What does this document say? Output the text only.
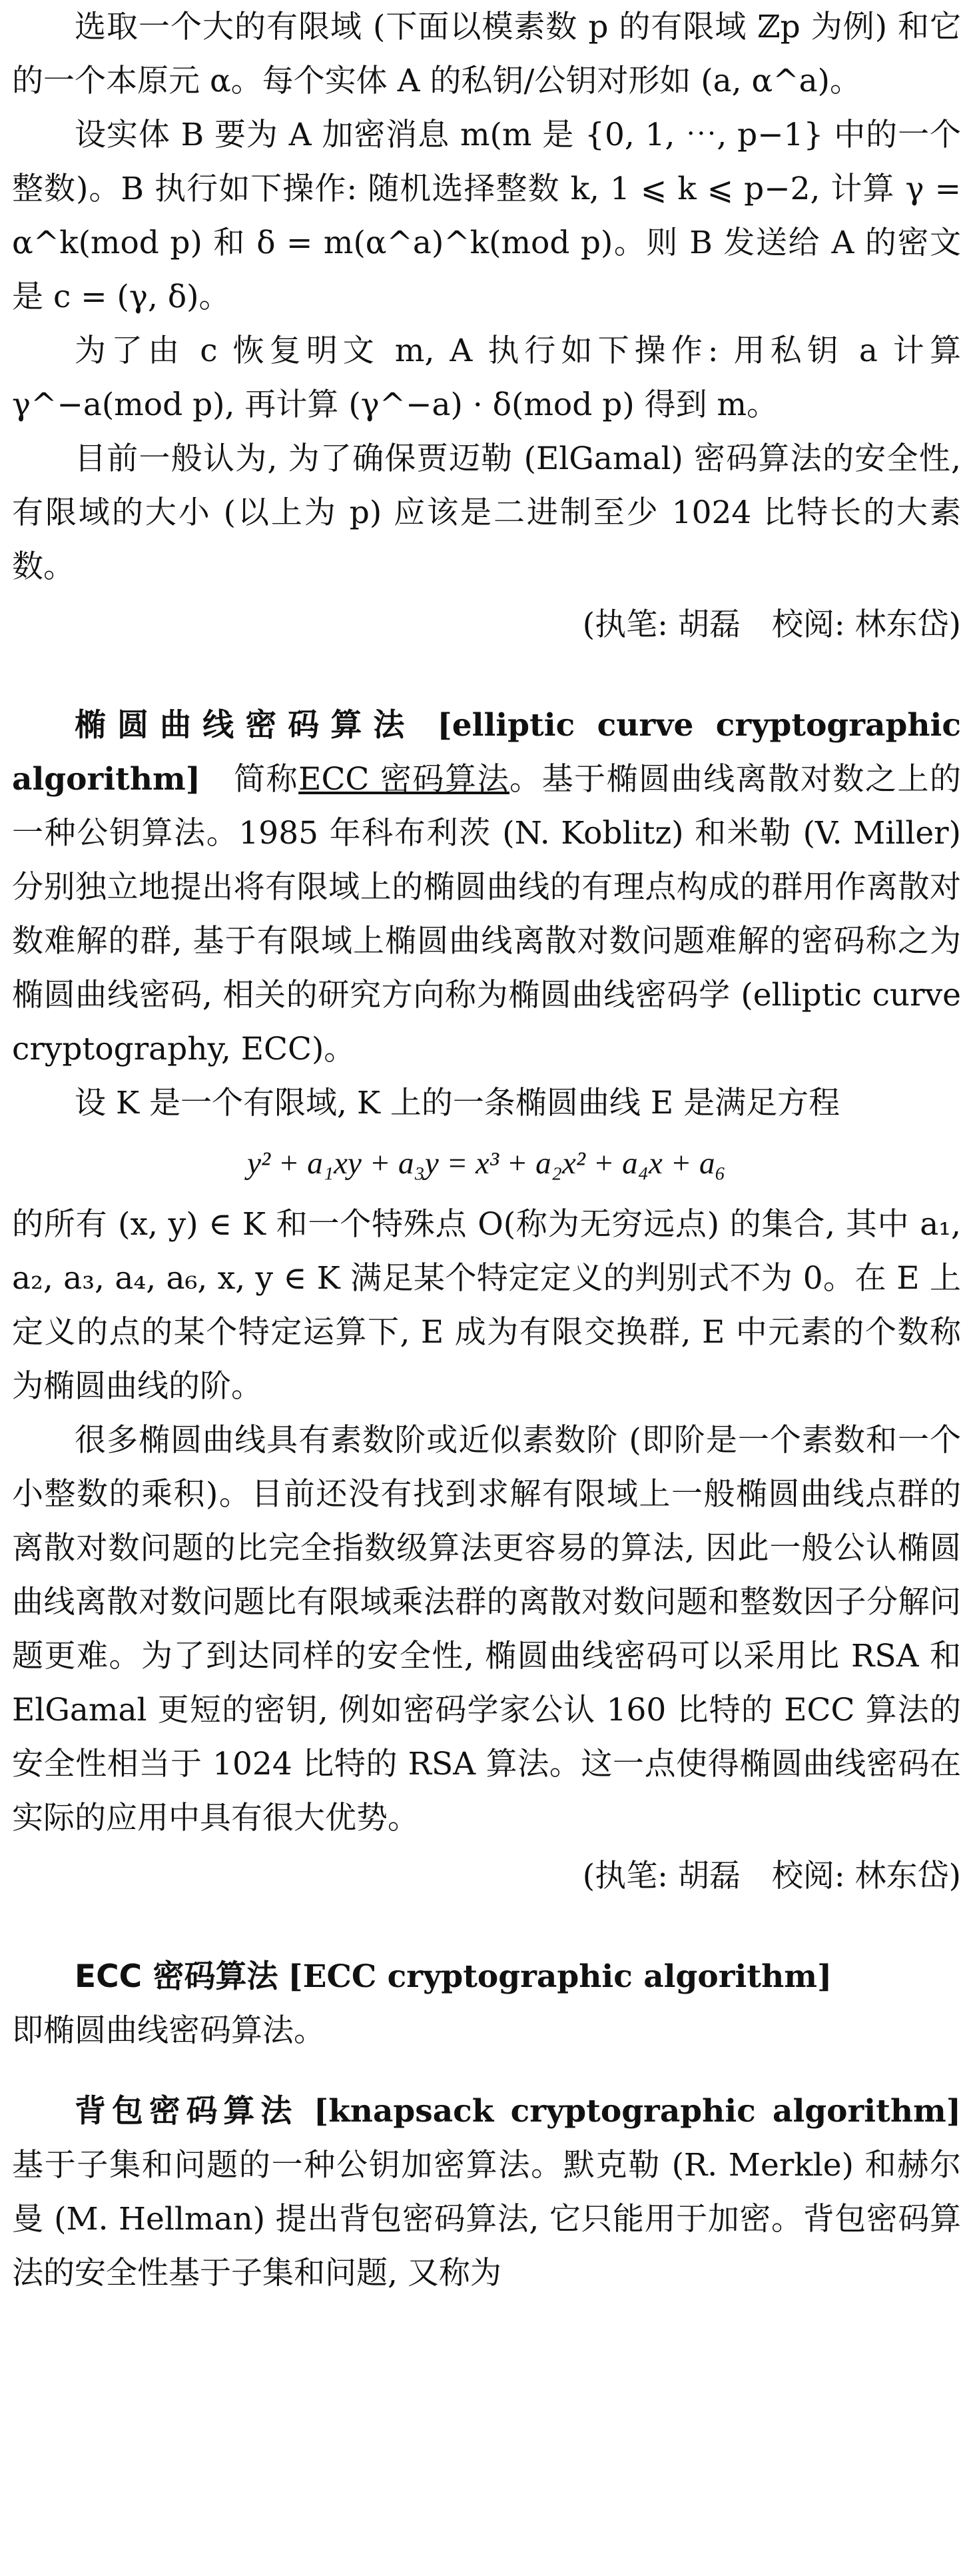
选取一个大的有限域 (下面以模素数 p 的有限域 ℤp 为例) 和它的一个本原元 α。每个实体 A 的私钥/公钥对形如 (a, α^a)。

设实体 B 要为 A 加密消息 m(m 是 {0, 1, ⋯, p−1} 中的一个整数)。B 执行如下操作: 随机选择整数 k, 1 ⩽ k ⩽ p−2, 计算 γ = α^k(mod p) 和 δ = m(α^a)^k(mod p)。则 B 发送给 A 的密文是 c = (γ, δ)。

为了由 c 恢复明文 m, A 执行如下操作: 用私钥 a 计算 γ^−a(mod p), 再计算 (γ^−a) · δ(mod p) 得到 m。

目前一般认为, 为了确保贾迈勒 (ElGamal) 密码算法的安全性, 有限域的大小 (以上为 p) 应该是二进制至少 1024 比特长的大素数。

(执笔: 胡磊　校阅: 林东岱)

椭圆曲线密码算法 [elliptic curve cryptographic algorithm]　 简称ECC 密码算法。基于椭圆曲线离散对数之上的一种公钥算法。1985 年科布利茨 (N. Koblitz) 和米勒 (V. Miller) 分别独立地提出将有限域上的椭圆曲线的有理点构成的群用作离散对数难解的群, 基于有限域上椭圆曲线离散对数问题难解的密码称之为椭圆曲线密码, 相关的研究方向称为椭圆曲线密码学 (elliptic curve cryptography, ECC)。

设 K 是一个有限域, K 上的一条椭圆曲线 E 是满足方程

y² + a₁xy + a₃y = x³ + a₂x² + a₄x + a₆

的所有 (x, y) ∈ K 和一个特殊点 O(称为无穷远点) 的集合, 其中 a₁, a₂, a₃, a₄, a₆, x, y ∈ K 满足某个特定定义的判别式不为 0。在 E 上定义的点的某个特定运算下, E 成为有限交换群, E 中元素的个数称为椭圆曲线的阶。

很多椭圆曲线具有素数阶或近似素数阶 (即阶是一个素数和一个小整数的乘积)。目前还没有找到求解有限域上一般椭圆曲线点群的离散对数问题的比完全指数级算法更容易的算法, 因此一般公认椭圆曲线离散对数问题比有限域乘法群的离散对数问题和整数因子分解问题更难。为了到达同样的安全性, 椭圆曲线密码可以采用比 RSA 和 ElGamal 更短的密钥, 例如密码学家公认 160 比特的 ECC 算法的安全性相当于 1024 比特的 RSA 算法。这一点使得椭圆曲线密码在实际的应用中具有很大优势。

(执笔: 胡磊　校阅: 林东岱)

ECC 密码算法 [ECC cryptographic algorithm]

即椭圆曲线密码算法。

背包密码算法 [knapsack cryptographic algorithm]　基于子集和问题的一种公钥加密算法。默克勒 (R. Merkle) 和赫尔曼 (M. Hellman) 提出背包密码算法, 它只能用于加密。背包密码算法的安全性基于子集和问题, 又称为
